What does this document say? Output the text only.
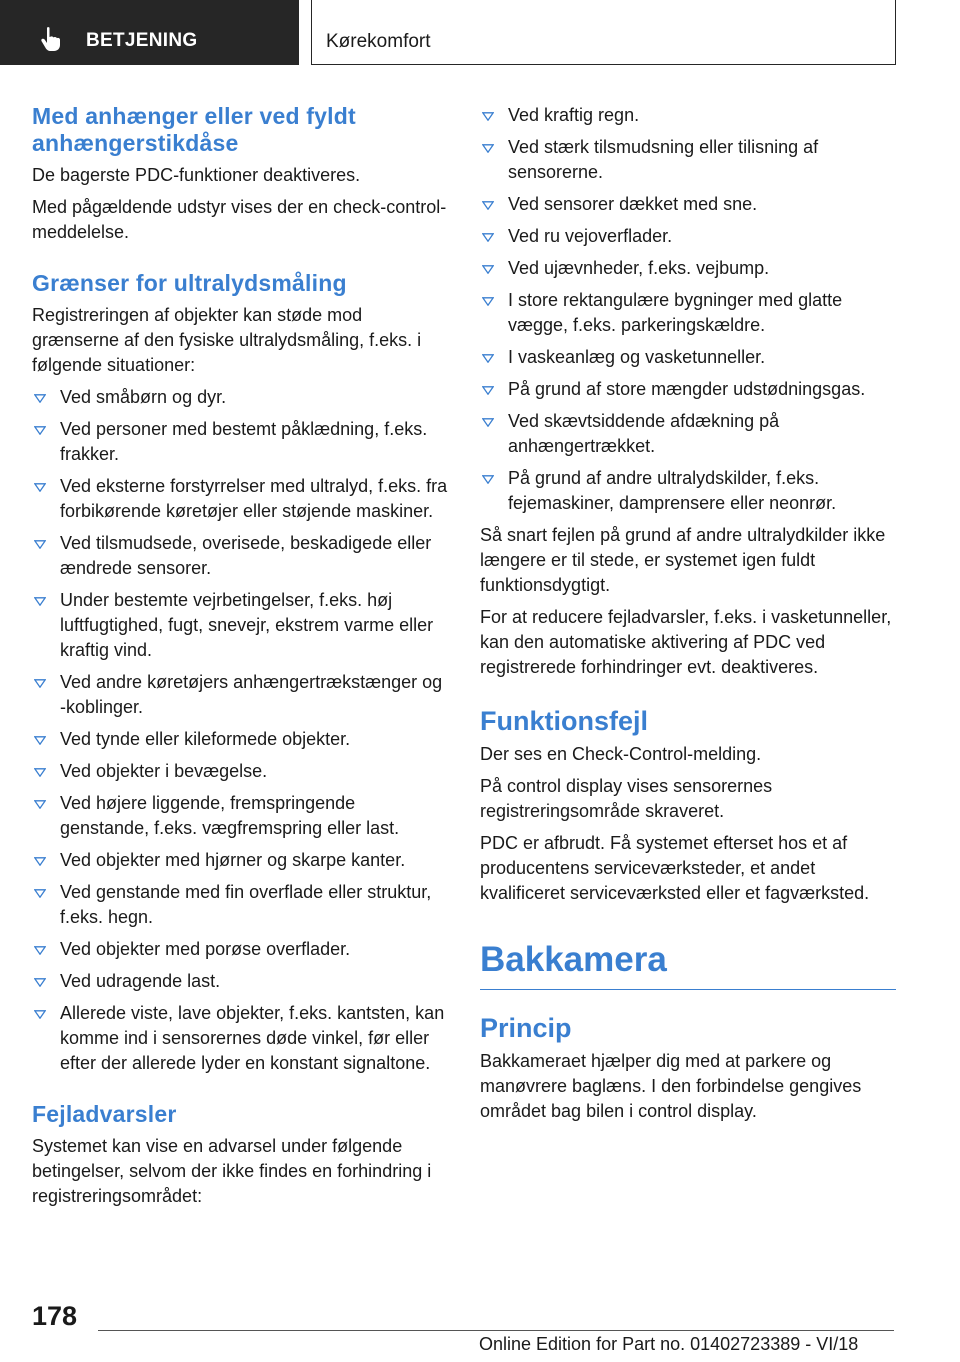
BETJENING	Kørekomfort
Med anhænger eller ved fyldt anhængerstikdåse

De bagerste PDC-funktioner deaktiveres.

Med pågældende udstyr vises der en check-control-meddelelse.

Grænser for ultralydsmåling

Registreringen af objekter kan støde mod grænserne af den fysiske ultralydsmåling, f.eks. i følgende situationer:

Ved småbørn og dyr.
Ved personer med bestemt påklædning, f.eks. frakker.
Ved eksterne forstyrrelser med ultralyd, f.eks. fra forbikørende køretøjer eller støjende maskiner.
Ved tilsmudsede, overisede, beskadigede eller ændrede sensorer.
Under bestemte vejrbetingelser, f.eks. høj luftfugtighed, fugt, snevejr, ekstrem varme eller kraftig vind.
Ved andre køretøjers anhængertrækstænger og -koblinger.
Ved tynde eller kileformede objekter.
Ved objekter i bevægelse.
Ved højere liggende, fremspringende genstande, f.eks. vægfremspring eller last.
Ved objekter med hjørner og skarpe kanter.
Ved genstande med fin overflade eller struktur, f.eks. hegn.
Ved objekter med porøse overflader.
Ved udragende last.
Allerede viste, lave objekter, f.eks. kantsten, kan komme ind i sensorernes døde vinkel, før eller efter der allerede lyder en konstant signaltone.
Fejladvarsler

Systemet kan vise en advarsel under følgende betingelser, selvom der ikke findes en forhindring i registreringsområdet:

Ved kraftig regn.
Ved stærk tilsmudsning eller tilisning af sensorerne.
Ved sensorer dækket med sne.
Ved ru vejoverflader.
Ved ujævnheder, f.eks. vejbump.
I store rektangulære bygninger med glatte vægge, f.eks. parkeringskældre.
I vaskeanlæg og vasketunneller.
På grund af store mængder udstødningsgas.
Ved skævtsiddende afdækning på anhængertrækket.
På grund af andre ultralydskilder, f.eks. fejemaskiner, damprensere eller neonrør.

Så snart fejlen på grund af andre ultralydkilder ikke længere er til stede, er systemet igen fuldt funktionsdygtigt.

For at reducere fejladvarsler, f.eks. i vasketunneller, kan den automatiske aktivering af PDC ved registrerede forhindringer evt. deaktiveres.

Funktionsfejl

Der ses en Check-Control-melding.

På control display vises sensorernes registreringsområde skraveret.

PDC er afbrudt. Få systemet efterset hos et af producentens serviceværksteder, et andet kvalificeret serviceværksted eller et fagværksted.

Bakkamera
Princip

Bakkameraet hjælper dig med at parkere og manøvrere baglæns. I den forbindelse gengives området bag bilen i control display.

178
Online Edition for Part no. 01402723389 - VI/18
